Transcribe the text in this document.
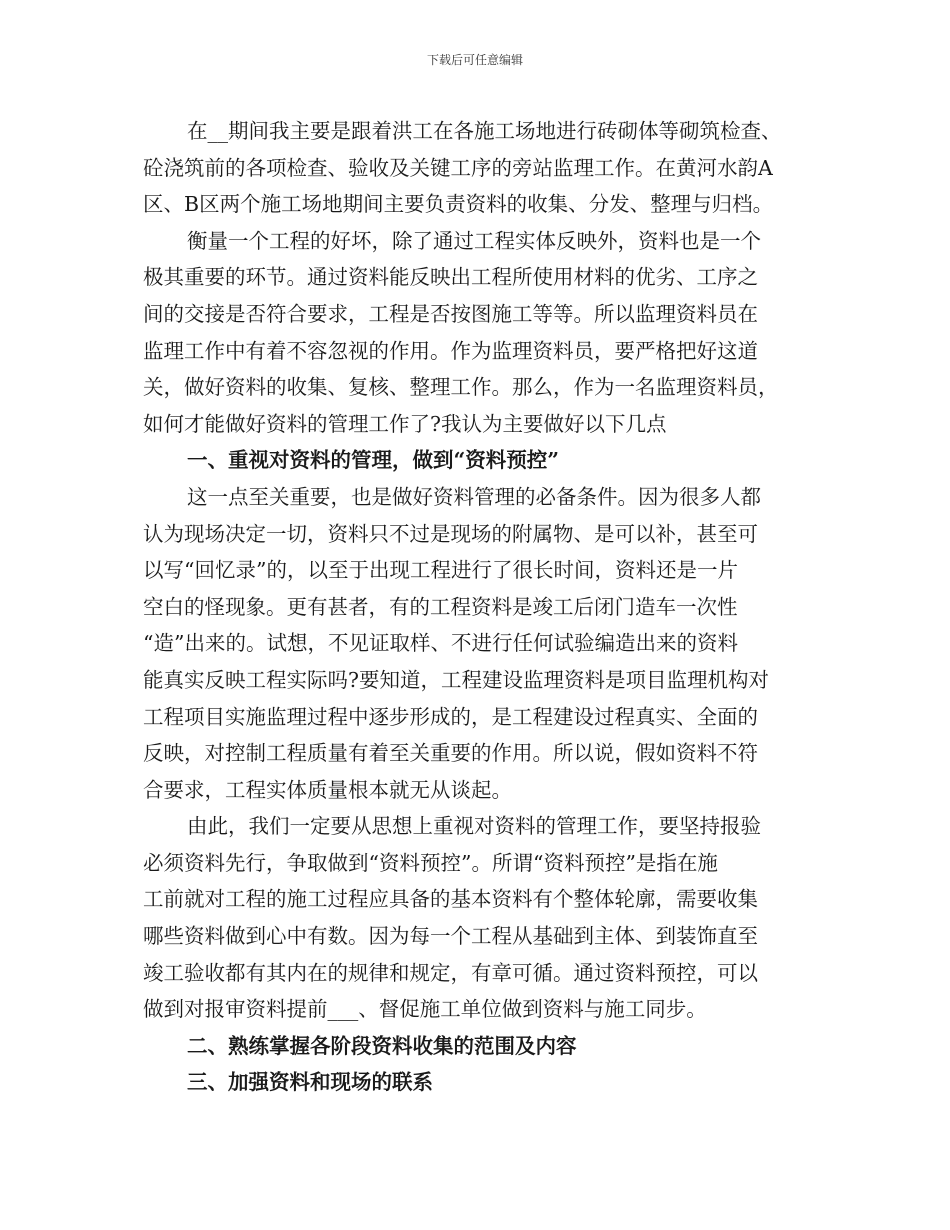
下载后可任意编辑
在__期间我主要是跟着洪工在各施工场地进行砖砌体等砌筑检查、
砼浇筑前的各项检查、验收及关键工序的旁站监理工作。在黄河水韵A
区、B区两个施工场地期间主要负责资料的收集、分发、整理与归档。
衡量一个工程的好坏，除了通过工程实体反映外，资料也是一个
极其重要的环节。通过资料能反映出工程所使用材料的优劣、工序之
间的交接是否符合要求，工程是否按图施工等等。所以监理资料员在
监理工作中有着不容忽视的作用。作为监理资料员，要严格把好这道
关，做好资料的收集、复核、整理工作。那么，作为一名监理资料员，
如何才能做好资料的管理工作了?我认为主要做好以下几点
一、重视对资料的管理，做到“资料预控”
这一点至关重要，也是做好资料管理的必备条件。因为很多人都
认为现场决定一切，资料只不过是现场的附属物、是可以补，甚至可
以写“回忆录”的，以至于出现工程进行了很长时间，资料还是一片
空白的怪现象。更有甚者，有的工程资料是竣工后闭门造车一次性
“造”出来的。试想，不见证取样、不进行任何试验编造出来的资料
能真实反映工程实际吗?要知道，工程建设监理资料是项目监理机构对
工程项目实施监理过程中逐步形成的，是工程建设过程真实、全面的
反映，对控制工程质量有着至关重要的作用。所以说，假如资料不符
合要求，工程实体质量根本就无从谈起。
由此，我们一定要从思想上重视对资料的管理工作，要坚持报验
必须资料先行，争取做到“资料预控”。所谓“资料预控”是指在施
工前就对工程的施工过程应具备的基本资料有个整体轮廓，需要收集
哪些资料做到心中有数。因为每一个工程从基础到主体、到装饰直至
竣工验收都有其内在的规律和规定，有章可循。通过资料预控，可以
做到对报审资料提前___、督促施工单位做到资料与施工同步。
二、熟练掌握各阶段资料收集的范围及内容
三、加强资料和现场的联系
